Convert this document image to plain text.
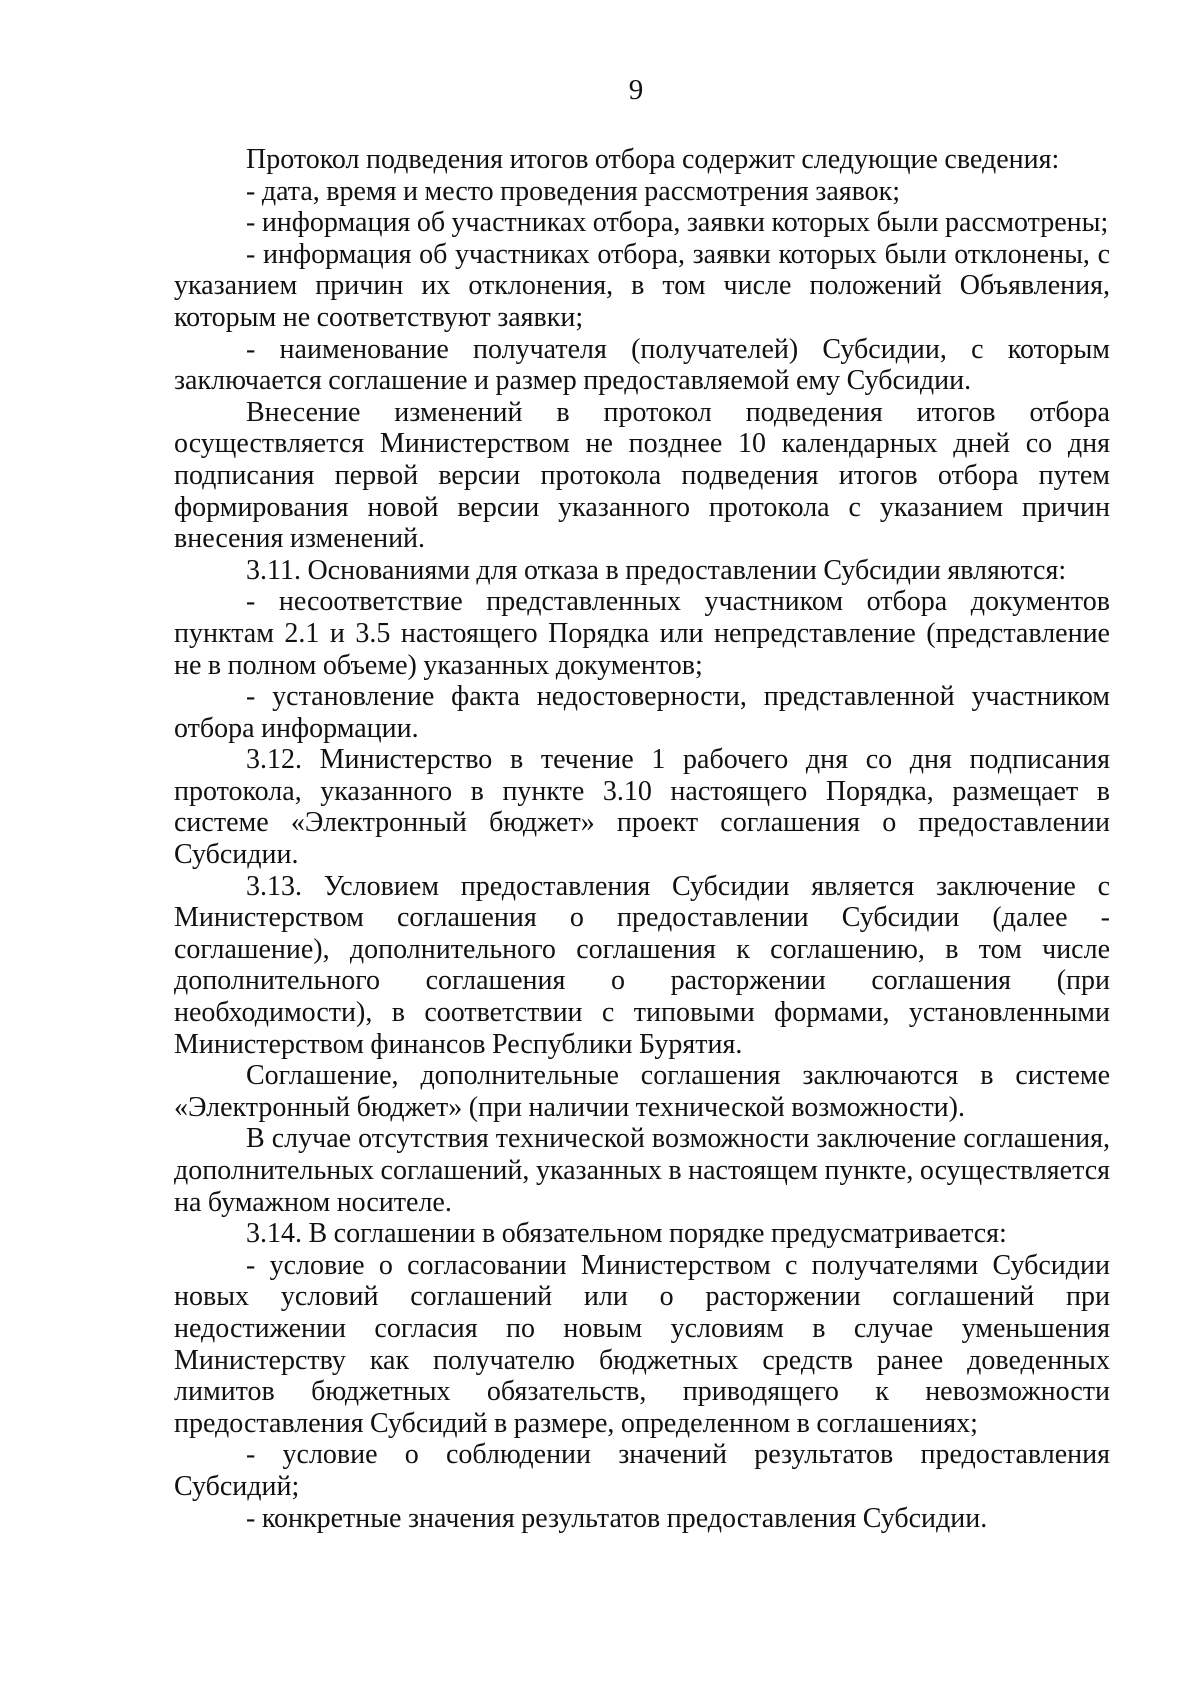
9

Протокол подведения итогов отбора содержит следующие сведения:

- дата, время и место проведения рассмотрения заявок;

- информация об участниках отбора, заявки которых были рассмотрены;

- информация об участниках отбора, заявки которых были отклонены, с указанием причин их отклонения, в том числе положений Объявления, которым не соответствуют заявки;

- наименование получателя (получателей) Субсидии, с которым заключается соглашение и размер предоставляемой ему Субсидии.

Внесение изменений в протокол подведения итогов отбора осуществляется Министерством не позднее 10 календарных дней со дня подписания первой версии протокола подведения итогов отбора путем формирования новой версии указанного протокола с указанием причин внесения изменений.

3.11. Основаниями для отказа в предоставлении Субсидии являются:

- несоответствие представленных участником отбора документов пунктам 2.1 и 3.5 настоящего Порядка или непредставление (представление не в полном объеме) указанных документов;

- установление факта недостоверности, представленной участником отбора информации.

3.12. Министерство в течение 1 рабочего дня со дня подписания протокола, указанного в пункте 3.10 настоящего Порядка, размещает в системе «Электронный бюджет» проект соглашения о предоставлении Субсидии.

3.13. Условием предоставления Субсидии является заключение с Министерством соглашения о предоставлении Субсидии (далее - соглашение), дополнительного соглашения к соглашению, в том числе дополнительного соглашения о расторжении соглашения (при необходимости), в соответствии с типовыми формами, установленными Министерством финансов Республики Бурятия.

Соглашение, дополнительные соглашения заключаются в системе «Электронный бюджет» (при наличии технической возможности).

В случае отсутствия технической возможности заключение соглашения, дополнительных соглашений, указанных в настоящем пункте, осуществляется на бумажном носителе.

3.14. В соглашении в обязательном порядке предусматривается:

- условие о согласовании Министерством с получателями Субсидии новых условий соглашений или о расторжении соглашений при недостижении согласия по новым условиям в случае уменьшения Министерству как получателю бюджетных средств ранее доведенных лимитов бюджетных обязательств, приводящего к невозможности предоставления Субсидий в размере, определенном в соглашениях;

- условие о соблюдении значений результатов предоставления Субсидий;

- конкретные значения результатов предоставления Субсидии.
